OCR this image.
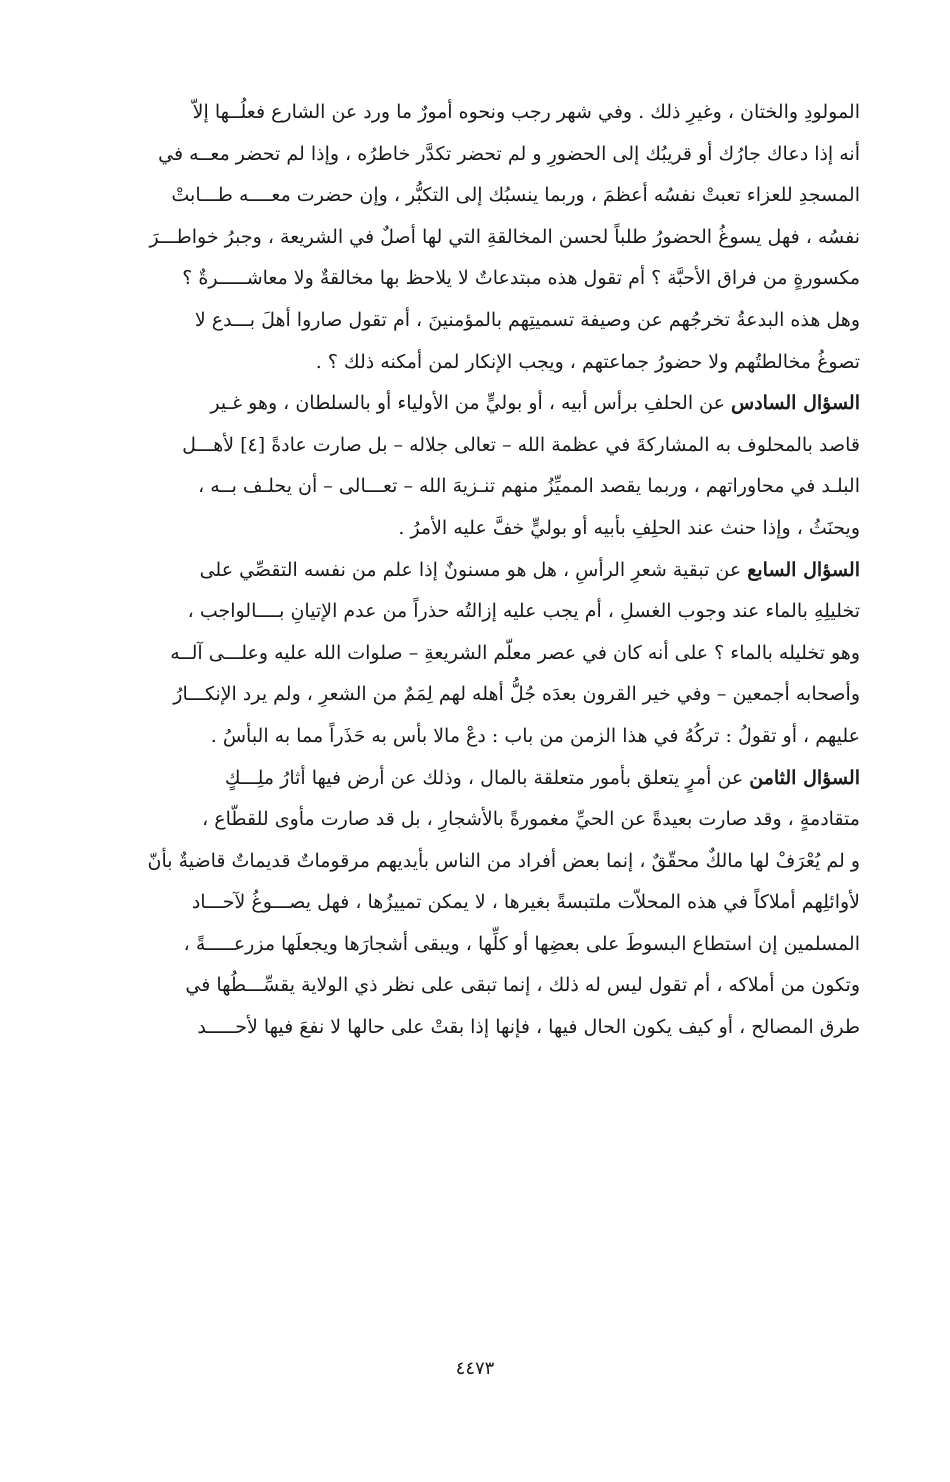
المولودِ والختان ، وغيرِ ذلك . وفي شهر رجب ونحوه أمورٌ ما ورد عن الشارع فعلُــها إلاّ
أنه إذا دعاك جارُك أو قريبُك إلى الحضورِ و لم تحضر تكدَّر خاطرُه ، وإذا لم تحضر معــه في
المسجدِ للعزاء تعبتْ نفسُه أعظمَ ، وربما ينسبُك إلى التكبُّر ، وإن حضرت معــــه طـــابتْ
نفسُه ، فهل يسوغُ الحضورُ طلباً لحسن المخالقةِ التي لها أصلٌ في الشريعة ، وجبرُ خواطـــرَ
مكسورةٍ من فراق الأحبَّة ؟ أم تقول هذه مبتدعاتٌ لا يلاحظ بها مخالقةٌ ولا معاشـــــرةٌ ؟
وهل هذه البدعةُ تخرجُهم عن وصيفة تسميتِهم بالمؤمنينَ ، أم تقول صاروا أهلَ بـــدع لا
تصوغُ مخالطتُهم ولا حضورُ جماعتهم ، ويجب الإنكار لمن أمكنه ذلك ؟ .
السؤال السادس عن الحلفِ برأس أبيه ، أو بوليٍّ من الأولياء أو بالسلطان ، وهو غـير
قاصد بالمحلوف به المشاركةَ في عظمة الله – تعالى جلاله – بل صارت عادةً [٤] لأهـــل
البلـد في محاوراتهم ، وربما يقصد المميِّزُ منهم تنـزيهَ الله – تعـــالى – أن يحلـف بــه ،
ويحنَثُ ، وإذا حنث عند الحلِفِ بأبيه أو بوليٍّ خفَّ عليه الأمرُ .
السؤال السابع عن تبقية شعرِ الرأسِ ، هل هو مسنونٌ إذا علم من نفسه التقصِّي على
تخليلِهِ بالماء عند وجوب الغسلِ ، أم يجب عليه إزالتُه حذراً من عدم الإتيانِ بــــالواجب ،
وهو تخليله بالماء ؟ على أنه كان في عصر معلّم الشريعةِ – صلوات الله عليه وعلـــى آلــه
وأصحابه أجمعين – وفي خير القرون بعدَه جُلُّ أهله لهم لِمَمٌ من الشعرِ ، ولم يرد الإنكـــارُ
عليهم ، أو تقولُ : تركُهُ في هذا الزمن من باب : دعْ مالا بأس به حَذَراً مما به البأسُ .
السؤال الثامن عن أمرٍ يتعلق بأمور متعلقة بالمال ، وذلك عن أرض فيها أثارُ ملِـــكٍ
متقادمةٍ ، وقد صارت بعيدةً عن الحيِّ مغمورةً بالأشجارِ ، بل قد صارت مأوى للقطّاع ،
و لم يُعْرَفْ لها مالكٌ محقّقٌ ، إنما بعض أفراد من الناس بأيديهم مرقوماتٌ قديماتٌ قاضيةٌ بأنّ
لأوائلِهم أملاكاً في هذه المحلاّت ملتبسةً بغيرها ، لا يمكن تمييزُها ، فهل يصـــوغُ لآحـــاد
المسلمين إن استطاع البسوطَ على بعضِها أو كلِّها ، ويبقى أشجارَها ويجعلَها مزرعـــــةً ،
وتكون من أملاكه ، أم تقول ليس له ذلك ، إنما تبقى على نظر ذي الولاية يقسِّـــطُها في
طرق المصالح ، أو كيف يكون الحال فيها ، فإنها إذا بقتْ على حالها لا نفعَ فيها لأحـــــد
٤٤٧٣
